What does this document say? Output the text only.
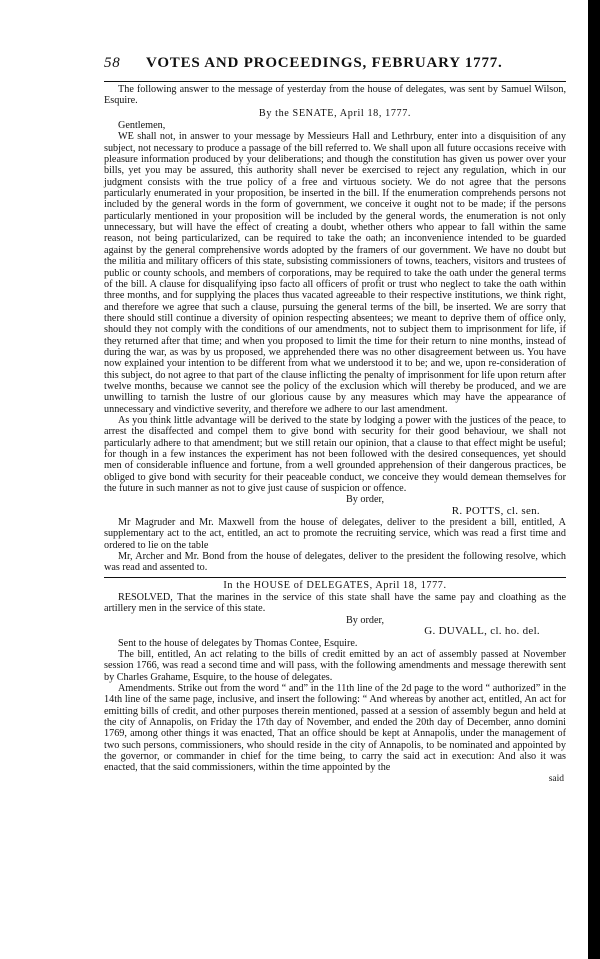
58 VOTES AND PROCEEDINGS, FEBRUARY 1777.

The following answer to the message of yesterday from the house of delegates, was sent by Samuel Wilson, Esquire.

By the SENATE, April 18, 1777.

Gentlemen,

WE shall not, in answer to your message by Messieurs Hall and Lethrbury, enter into a disquisition of any subject, not necessary to produce a passage of the bill referred to. We shall upon all future occasions receive with pleasure information produced by your deliberations; and though the constitution has given us power over your bills, yet you may be assured, this authority shall never be exercised to reject any regulation, which in our judgment consists with the true policy of a free and virtuous society. We do not agree that the persons particularly enumerated in your proposition, be inserted in the bill. If the enumeration comprehends persons not included by the general words in the form of government, we conceive it ought not to be made; if the persons particularly mentioned in your proposition will be included by the general words, the enumeration is not only unnecessary, but will have the effect of creating a doubt, whether others who appear to fall within the same reason, not being particularized, can be required to take the oath; an inconvenience intended to be guarded against by the general comprehensive words adopted by the framers of our government. We have no doubt but the militia and military officers of this state, subsisting commissioners of towns, teachers, visitors and trustees of public or county schools, and members of corporations, may be required to take the oath under the general terms of the bill. A clause for disqualifying ipso facto all officers of profit or trust who neglect to take the oath within three months, and for supplying the places thus vacated agreeable to their respective institutions, we think right, and therefore we agree that such a clause, pursuing the general terms of the bill, be inserted. We are sorry that there should still continue a diversity of opinion respecting absentees; we meant to deprive them of office only, should they not comply with the conditions of our amendments, not to subject them to imprisonment for life, if they returned after that time; and when you proposed to limit the time for their return to nine months, instead of during the war, as was by us proposed, we apprehended there was no other disagreement between us. You have now explained your intention to be different from what we understood it to be; and we, upon re-consideration of this subject, do not agree to that part of the clause inflicting the penalty of imprisonment for life upon return after twelve months, because we cannot see the policy of the exclusion which will thereby be produced, and we are unwilling to tarnish the lustre of our glorious cause by any measures which may have the appearance of unnecessary and vindictive severity, and therefore we adhere to our last amendment.

As you think little advantage will be derived to the state by lodging a power with the justices of the peace, to arrest the disaffected and compel them to give bond with security for their good behaviour, we shall not particularly adhere to that amendment; but we still retain our opinion, that a clause to that effect might be useful; for though in a few instances the experiment has not been followed with the desired consequences, yet should men of considerable influence and fortune, from a well grounded apprehension of their dangerous practices, be obliged to give bond with security for their peaceable conduct, we conceive they would demean themselves for the future in such manner as not to give just cause of suspicion or offence.

By order,

R. POTTS, cl. sen.

Mr Magruder and Mr. Maxwell from the house of delegates, deliver to the president a bill, entitled, A supplementary act to the act, entitled, an act to promote the recruiting service, which was read a first time and ordered to lie on the table

Mr, Archer and Mr. Bond from the house of delegates, deliver to the president the following resolve, which was read and assented to.

In the HOUSE of DELEGATES, April 18, 1777.

RESOLVED, That the marines in the service of this state shall have the same pay and cloathing as the artillery men in the service of this state.

By order,

G. DUVALL, cl. ho. del.

Sent to the house of delegates by Thomas Contee, Esquire.

The bill, entitled, An act relating to the bills of credit emitted by an act of assembly passed at November session 1766, was read a second time and will pass, with the following amendments and message therewith sent by Charles Grahame, Esquire, to the house of delegates.

Amendments. Strike out from the word “ and” in the 11th line of the 2d page to the word “ authorized” in the 14th line of the same page, inclusive, and insert the following: “ And whereas by another act, entitled, An act for emitting bills of credit, and other purposes therein mentioned, passed at a session of assembly begun and held at the city of Annapolis, on Friday the 17th day of November, and ended the 20th day of December, anno domini 1769, among other things it was enacted, That an office should be kept at Annapolis, under the management of two such persons, commissioners, who should reside in the city of Annapolis, to be nominated and appointed by the governor, or commander in chief for the time being, to carry the said act in execution: And also it was enacted, that the said commissioners, within the time appointed by the

said
